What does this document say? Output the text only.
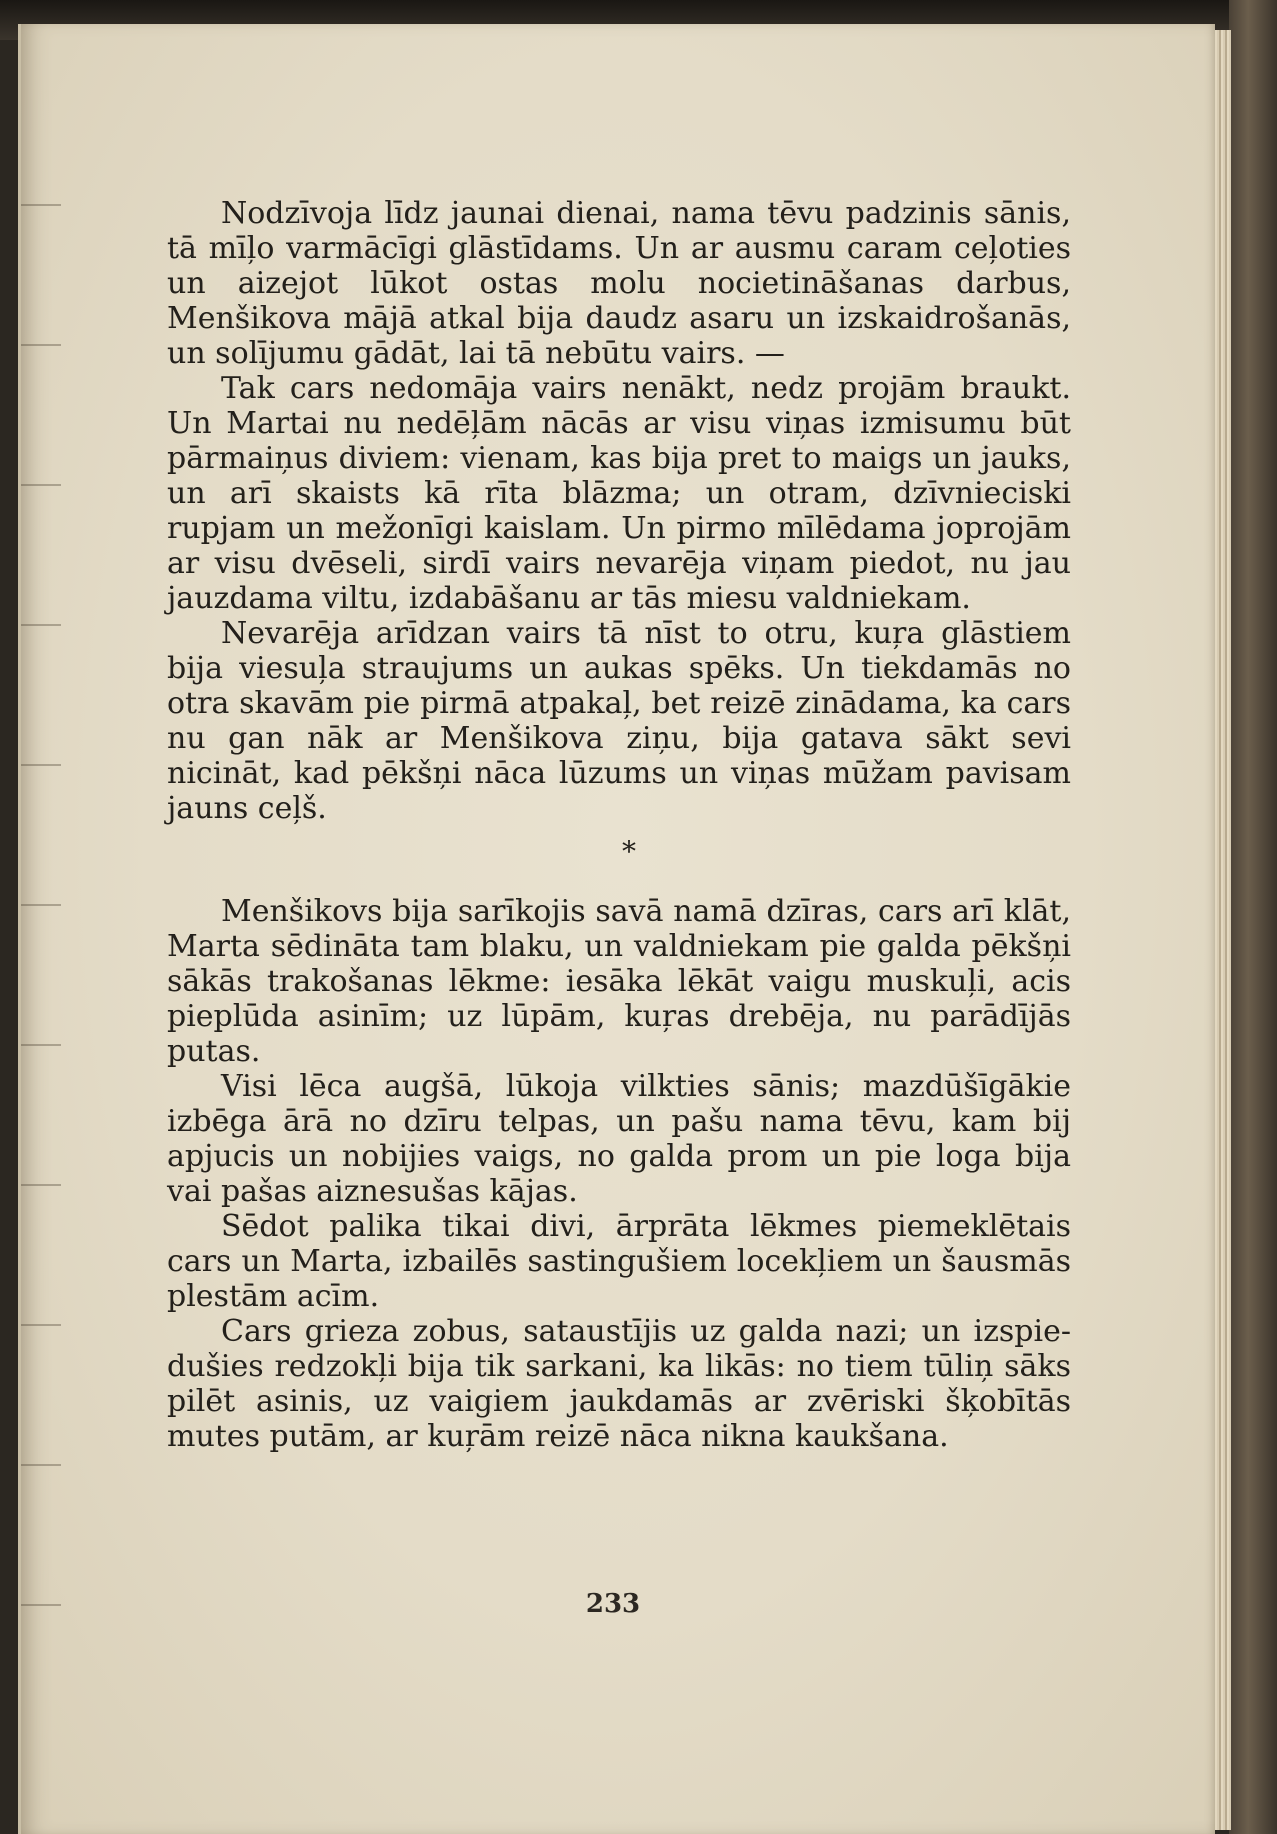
Nodzīvoja līdz jaunai dienai, nama tēvu padzinis sānis, tā mīļo varmācīgi glāstīdams. Un ar ausmu caram ceļoties un aizejot lūkot ostas molu nocietināšanas darbus, Menšikova mājā atkal bija daudz asaru un izskaidrošanās, un solījumu gādāt, lai tā nebūtu vairs. —

Tak cars nedomāja vairs nenākt, nedz projām braukt. Un Martai nu nedēļām nācās ar visu viņas izmisumu būt pārmaiņus diviem: vienam, kas bija pret to maigs un jauks, un arī skaists kā rīta blāzma; un otram, dzīvnieciski rupjam un mežonīgi kaislam. Un pirmo mīlēdama joprojām ar visu dvēseli, sirdī vairs nevarēja viņam piedot, nu jau jauzdama viltu, izdabāšanu ar tās miesu valdniekam.

Nevarēja arīdzan vairs tā nīst to otru, kuŗa glāstiem bija viesuļa straujums un aukas spēks. Un tiekdamās no otra skavām pie pirmā atpakaļ, bet reizē zinādama, ka cars nu gan nāk ar Menšikova ziņu, bija gatava sākt sevi nicināt, kad pēkšņi nāca lūzums un viņas mūžam pavisam jauns ceļš.

*

Menšikovs bija sarīkojis savā namā dzīras, cars arī klāt, Marta sēdināta tam blaku, un valdniekam pie galda pēkšņi sākās trakošanas lēkme: iesāka lēkāt vaigu muskuļi, acis pieplūda asinīm; uz lūpām, kuŗas drebēja, nu parādījās putas.

Visi lēca augšā, lūkoja vilkties sānis; mazdūšīgākie izbēga ārā no dzīru telpas, un pašu nama tēvu, kam bij apjucis un nobijies vaigs, no galda prom un pie loga bija vai pašas aiznesušas kājas.

Sēdot palika tikai divi, ārprāta lēkmes piemeklētais cars un Marta, izbailēs sastingušiem locekļiem un šausmās plestām acīm.

Cars grieza zobus, sataustījis uz galda nazi; un izspiedušies redzokļi bija tik sarkani, ka likās: no tiem tūliņ sāks pilēt asinis, uz vaigiem jaukdamās ar zvēriski šķobītās mutes putām, ar kuŗām reizē nāca nikna kaukšana.

233
